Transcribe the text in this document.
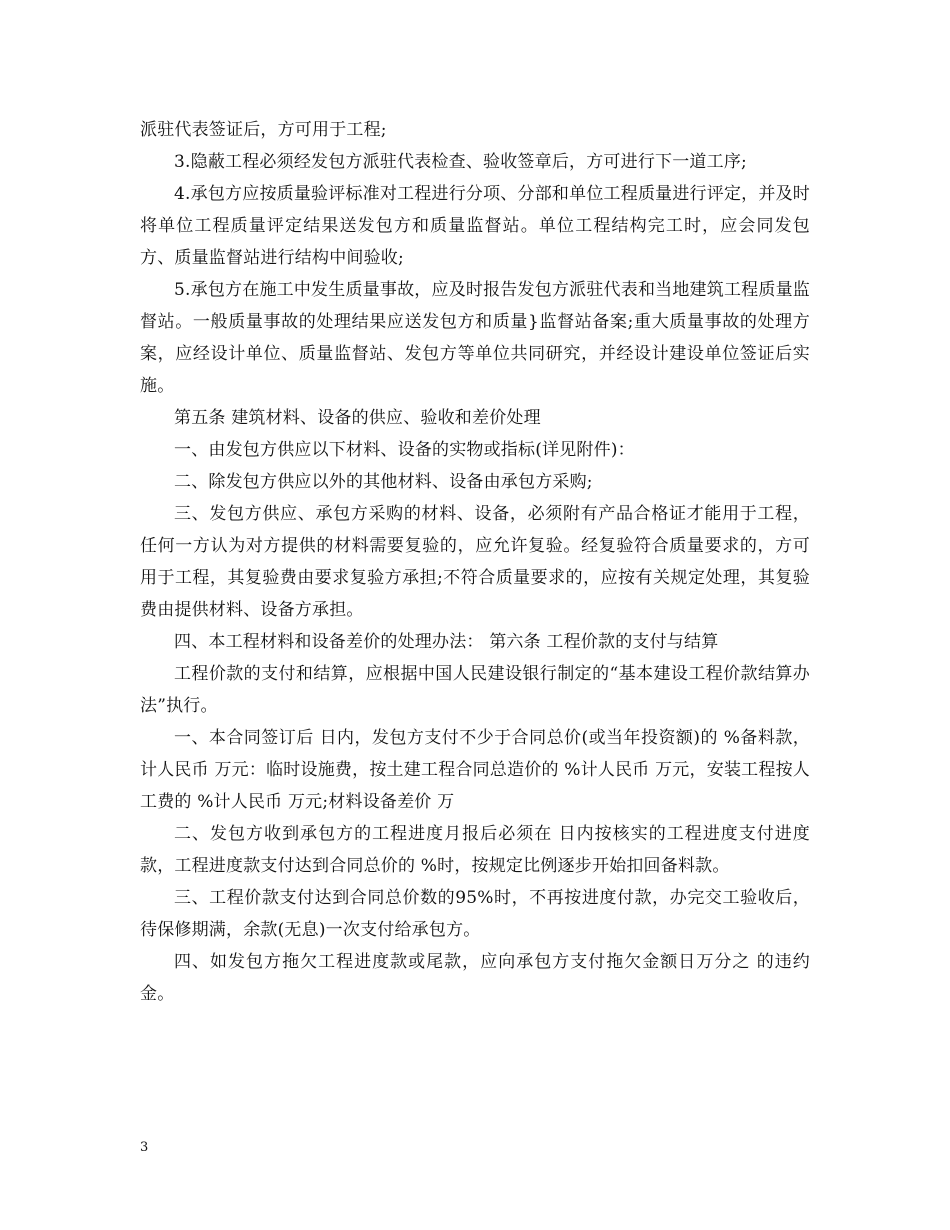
派驻代表签证后，方可用于工程;

3.隐蔽工程必须经发包方派驻代表检查、验收签章后，方可进行下一道工序;

4.承包方应按质量验评标准对工程进行分项、分部和单位工程质量进行评定，并及时将单位工程质量评定结果送发包方和质量监督站。单位工程结构完工时，应会同发包方、质量监督站进行结构中间验收;

5.承包方在施工中发生质量事故，应及时报告发包方派驻代表和当地建筑工程质量监督站。一般质量事故的处理结果应送发包方和质量}监督站备案;重大质量事故的处理方案，应经设计单位、质量监督站、发包方等单位共同研究，并经设计建设单位签证后实施。

第五条 建筑材料、设备的供应、验收和差价处理

一、由发包方供应以下材料、设备的实物或指标(详见附件)：

二、除发包方供应以外的其他材料、设备由承包方采购;

三、发包方供应、承包方采购的材料、设备，必须附有产品合格证才能用于工程，任何一方认为对方提供的材料需要复验的，应允许复验。经复验符合质量要求的，方可用于工程，其复验费由要求复验方承担;不符合质量要求的，应按有关规定处理，其复验费由提供材料、设备方承担。

四、本工程材料和设备差价的处理办法： 第六条 工程价款的支付与结算

工程价款的支付和结算，应根据中国人民建设银行制定的“基本建设工程价款结算办法”执行。

一、本合同签订后 日内，发包方支付不少于合同总价(或当年投资额)的 %备料款，计人民币 万元：临时设施费，按土建工程合同总造价的 %计人民币 万元，安装工程按人工费的 %计人民币 万元;材料设备差价 万

二、发包方收到承包方的工程进度月报后必须在 日内按核实的工程进度支付进度款，工程进度款支付达到合同总价的 %时，按规定比例逐步开始扣回备料款。

三、工程价款支付达到合同总价数的95%时，不再按进度付款，办完交工验收后，待保修期满，余款(无息)一次支付给承包方。

四、如发包方拖欠工程进度款或尾款，应向承包方支付拖欠金额日万分之 的违约金。

3
